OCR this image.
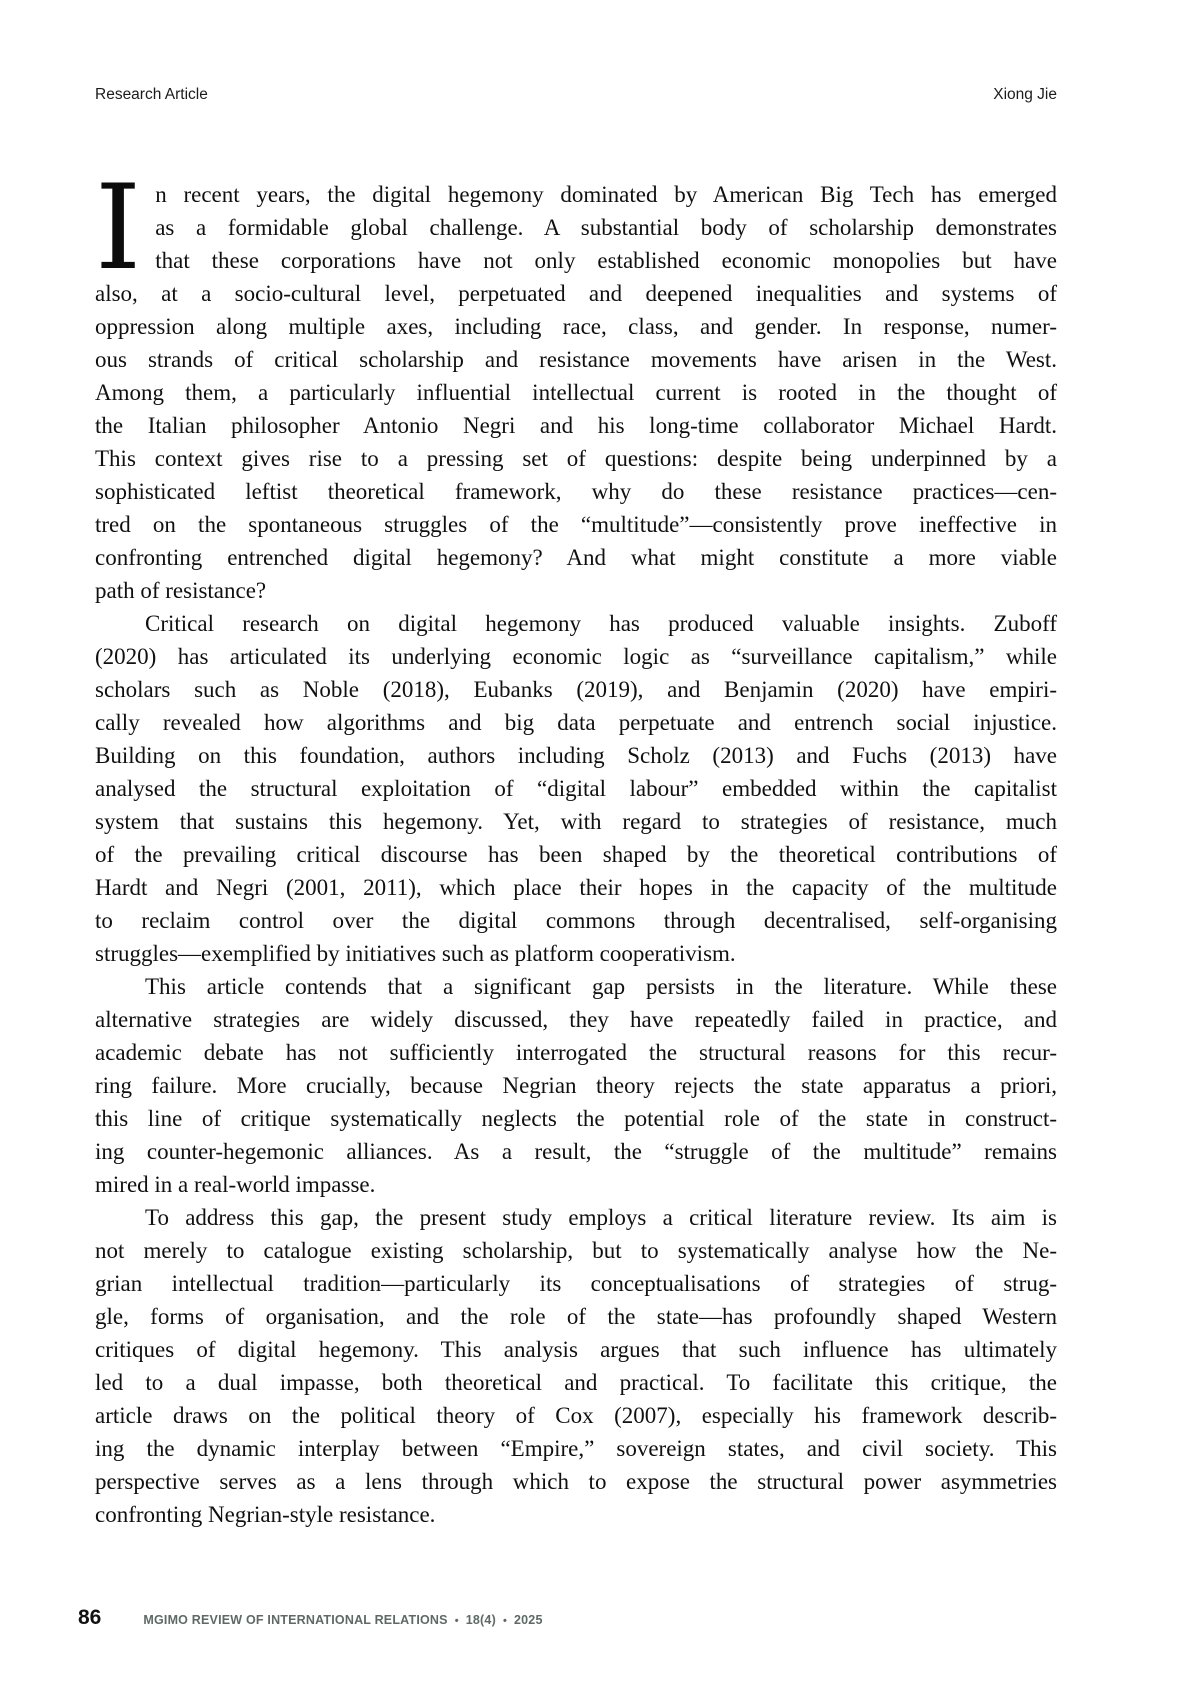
Research Article	Xiong Jie
I n recent years, the digital hegemony dominated by American Big Tech has emerged
as a formidable global challenge. A substantial body of scholarship demonstrates
that these corporations have not only established economic monopolies but have
also, at a socio-cultural level, perpetuated and deepened inequalities and systems of
oppression along multiple axes, including race, class, and gender. In response, numer-
ous strands of critical scholarship and resistance movements have arisen in the West.
Among them, a particularly influential intellectual current is rooted in the thought of
the Italian philosopher Antonio Negri and his long-time collaborator Michael Hardt.
This context gives rise to a pressing set of questions: despite being underpinned by a
sophisticated leftist theoretical framework, why do these resistance practices—cen-
tred on the spontaneous struggles of the “multitude”—consistently prove ineffective in
confronting entrenched digital hegemony? And what might constitute a more viable
path of resistance?
Critical research on digital hegemony has produced valuable insights. Zuboff
(2020) has articulated its underlying economic logic as “surveillance capitalism,” while
scholars such as Noble (2018), Eubanks (2019), and Benjamin (2020) have empiri-
cally revealed how algorithms and big data perpetuate and entrench social injustice.
Building on this foundation, authors including Scholz (2013) and Fuchs (2013) have
analysed the structural exploitation of “digital labour” embedded within the capitalist
system that sustains this hegemony. Yet, with regard to strategies of resistance, much
of the prevailing critical discourse has been shaped by the theoretical contributions of
Hardt and Negri (2001, 2011), which place their hopes in the capacity of the multitude
to reclaim control over the digital commons through decentralised, self-organising
struggles—exemplified by initiatives such as platform cooperativism.
This article contends that a significant gap persists in the literature. While these
alternative strategies are widely discussed, they have repeatedly failed in practice, and
academic debate has not sufficiently interrogated the structural reasons for this recur-
ring failure. More crucially, because Negrian theory rejects the state apparatus a priori,
this line of critique systematically neglects the potential role of the state in construct-
ing counter-hegemonic alliances. As a result, the “struggle of the multitude” remains
mired in a real-world impasse.
To address this gap, the present study employs a critical literature review. Its aim is
not merely to catalogue existing scholarship, but to systematically analyse how the Ne-
grian intellectual tradition—particularly its conceptualisations of strategies of strug-
gle, forms of organisation, and the role of the state—has profoundly shaped Western
critiques of digital hegemony. This analysis argues that such influence has ultimately
led to a dual impasse, both theoretical and practical. To facilitate this critique, the
article draws on the political theory of Cox (2007), especially his framework describ-
ing the dynamic interplay between “Empire,” sovereign states, and civil society. This
perspective serves as a lens through which to expose the structural power asymmetries
confronting Negrian-style resistance.
86	MGIMO REVIEW OF INTERNATIONAL RELATIONS • 18(4) • 2025
